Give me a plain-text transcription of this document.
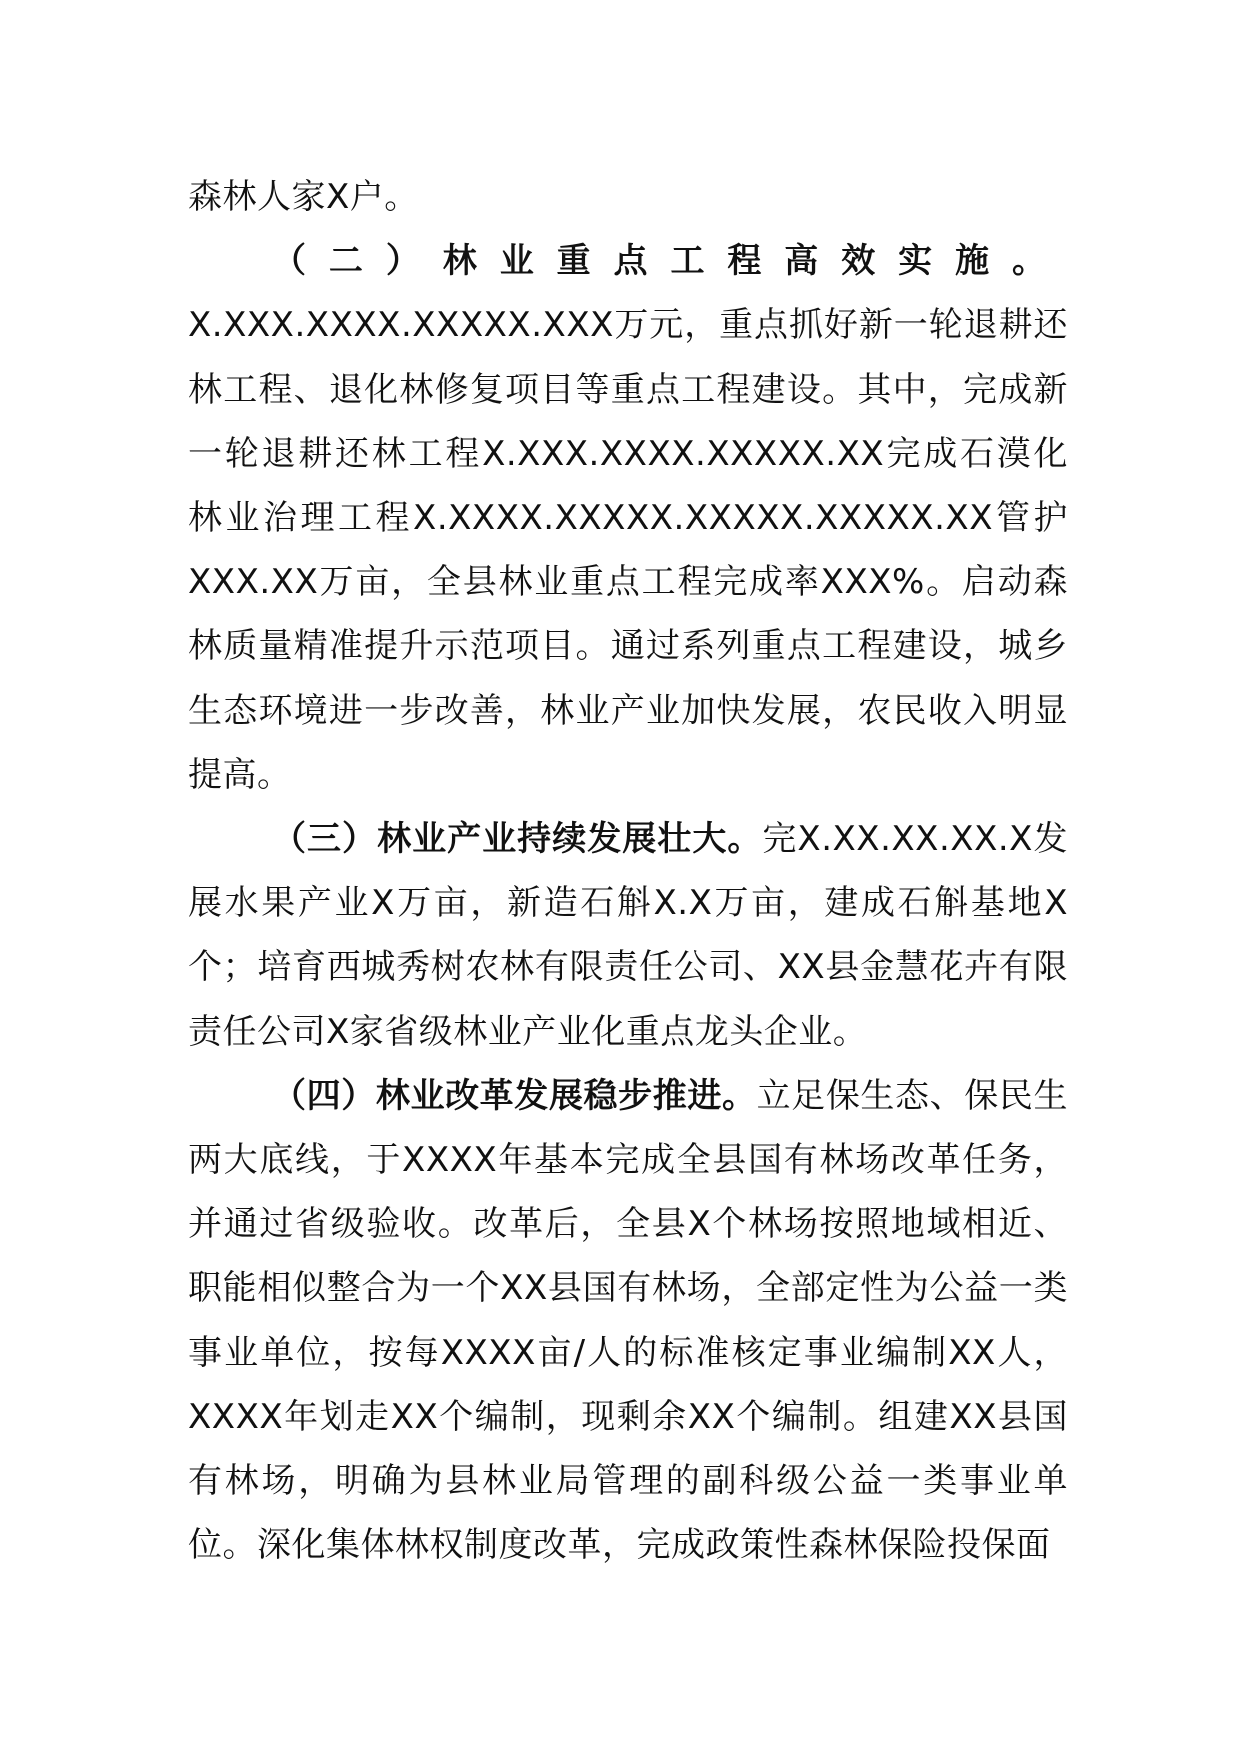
森林人家X户。

（二）林业重点工程高效实施。X.XXX.XXXX.XXXXX.XXX万元，重点抓好新一轮退耕还林工程、退化林修复项目等重点工程建设。其中，完成新一轮退耕还林工程X.XXX.XXXX.XXXXX.XX完成石漠化林业治理工程X.XXXX.XXXXX.XXXXX.XXXXX.XX管护XXX.XX万亩，全县林业重点工程完成率XXX%。启动森林质量精准提升示范项目。通过系列重点工程建设，城乡生态环境进一步改善，林业产业加快发展，农民收入明显提高。

（三）林业产业持续发展壮大。完X.XX.XX.XX.X发展水果产业X万亩，新造石斛X.X万亩，建成石斛基地X个；培育西城秀树农林有限责任公司、XX县金慧花卉有限责任公司X家省级林业产业化重点龙头企业。

（四）林业改革发展稳步推进。立足保生态、保民生两大底线，于XXXX年基本完成全县国有林场改革任务，并通过省级验收。改革后，全县X个林场按照地域相近、职能相似整合为一个XX县国有林场，全部定性为公益一类事业单位，按每XXXX亩/人的标准核定事业编制XX人，XXXX年划走XX个编制，现剩余XX个编制。组建XX县国有林场，明确为县林业局管理的副科级公益一类事业单位。深化集体林权制度改革，完成政策性森林保险投保面
